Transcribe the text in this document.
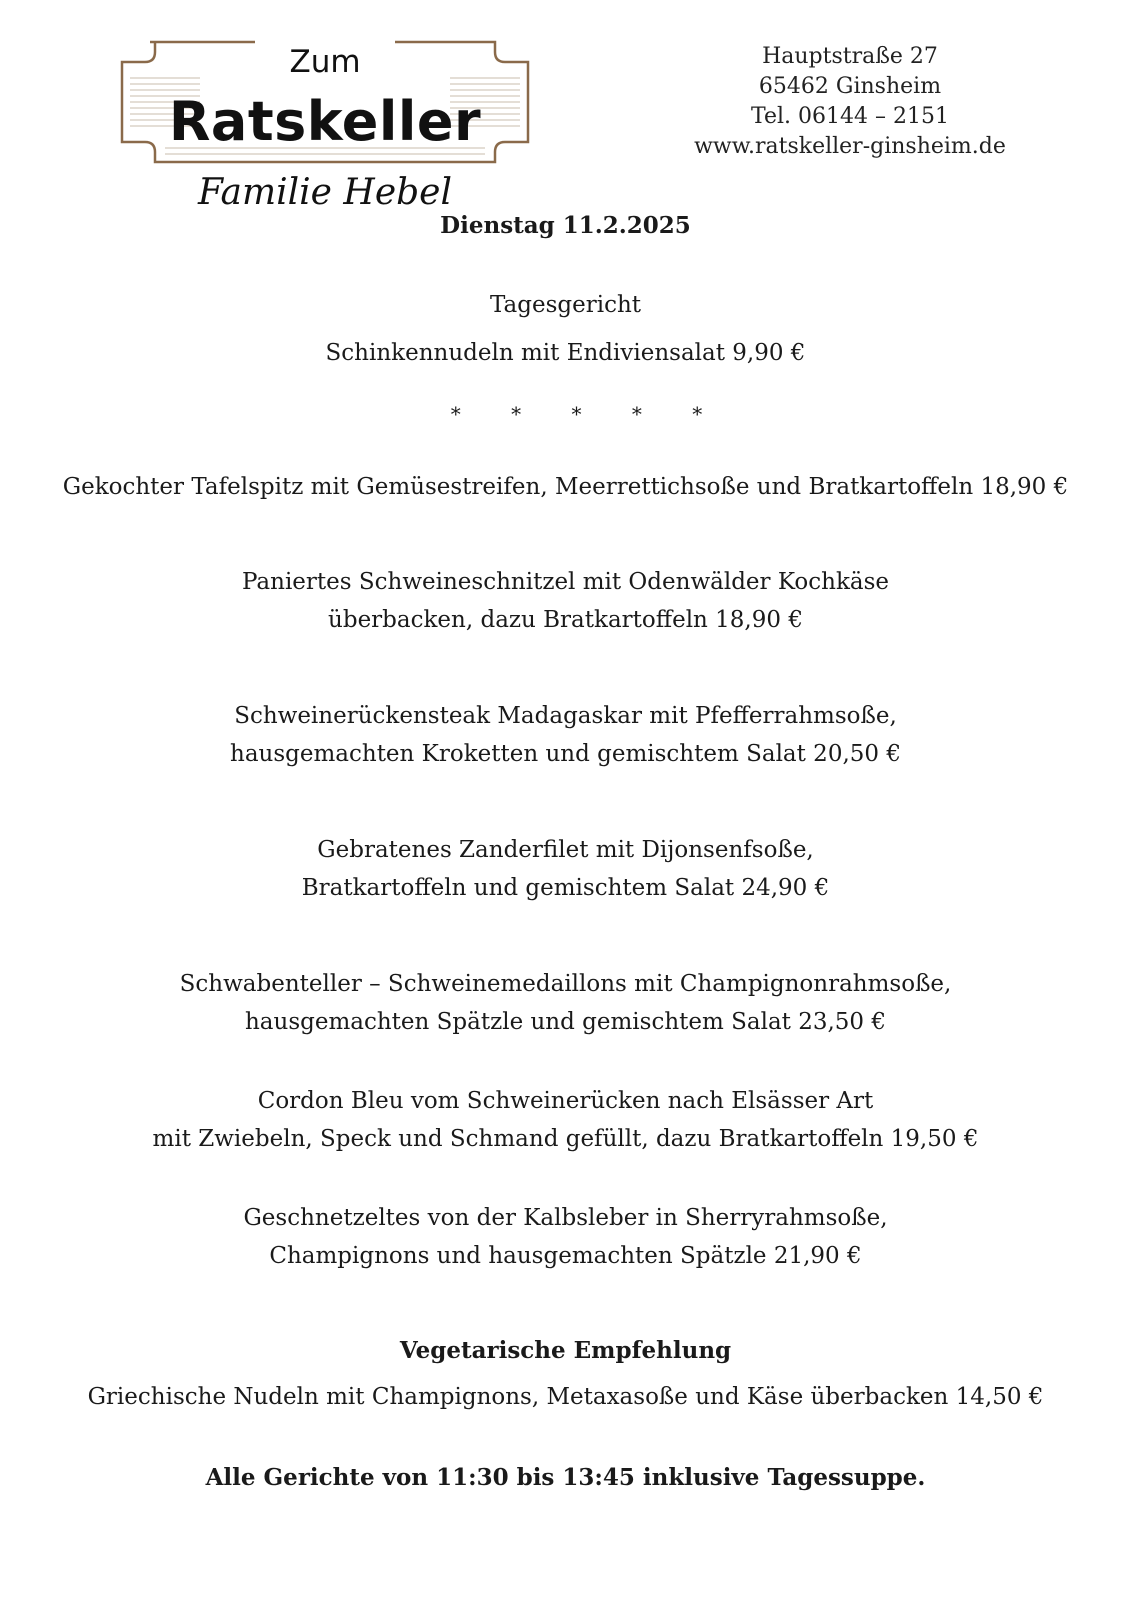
Zum
Ratskeller
Familie Hebel
Hauptstraße 27
65462 Ginsheim
Tel. 06144 – 2151
www.ratskeller-ginsheim.de
Dienstag 11.2.2025
Tagesgericht
Schinkennudeln mit Endiviensalat 9,90 €
* * * * *
Gekochter Tafelspitz mit Gemüsestreifen, Meerrettichsoße und Bratkartoffeln 18,90 €
Paniertes Schweineschnitzel mit Odenwälder Kochkäse
überbacken, dazu Bratkartoffeln 18,90 €
Schweinerückensteak Madagaskar mit Pfefferrahmsoße,
hausgemachten Kroketten und gemischtem Salat 20,50 €
Gebratenes Zanderfilet mit Dijonsenfsoße,
Bratkartoffeln und gemischtem Salat 24,90 €
Schwabenteller – Schweinemedaillons mit Champignonrahmsoße,
hausgemachten Spätzle und gemischtem Salat 23,50 €
Cordon Bleu vom Schweinerücken nach Elsässer Art
mit Zwiebeln, Speck und Schmand gefüllt, dazu Bratkartoffeln 19,50 €
Geschnetzeltes von der Kalbsleber in Sherryrahmsoße,
Champignons und hausgemachten Spätzle 21,90 €
Vegetarische Empfehlung
Griechische Nudeln mit Champignons, Metaxasoße und Käse überbacken 14,50 €
Alle Gerichte von 11:30 bis 13:45 inklusive Tagessuppe.
